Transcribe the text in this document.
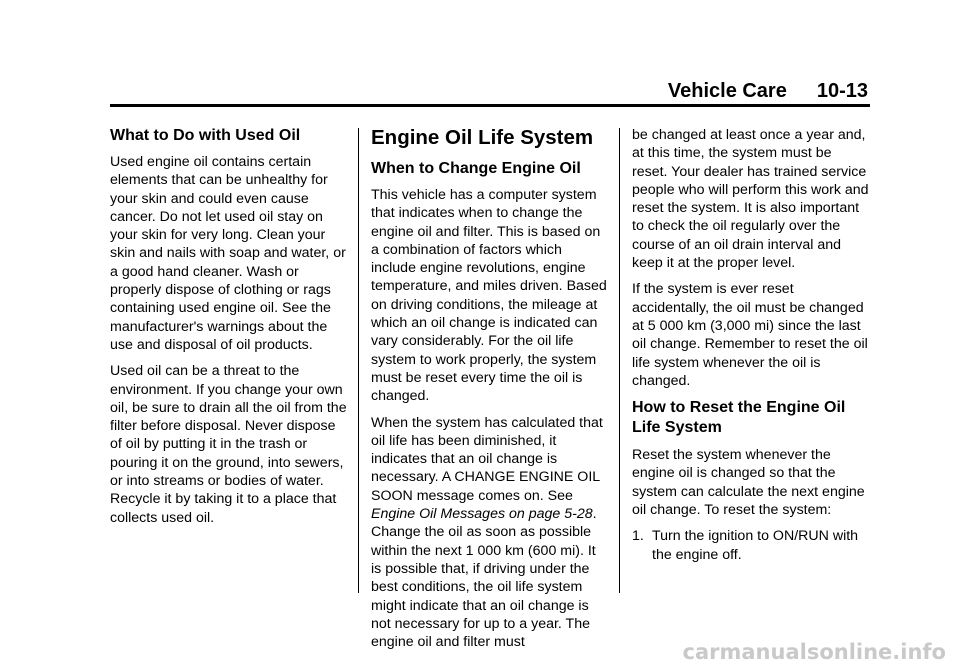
Vehicle Care 10-13
What to Do with Used Oil

Used engine oil contains certain elements that can be unhealthy for your skin and could even cause cancer. Do not let used oil stay on your skin for very long. Clean your skin and nails with soap and water, or a good hand cleaner. Wash or properly dispose of clothing or rags containing used engine oil. See the manufacturer's warnings about the use and disposal of oil products.

Used oil can be a threat to the environment. If you change your own oil, be sure to drain all the oil from the filter before disposal. Never dispose of oil by putting it in the trash or pouring it on the ground, into sewers, or into streams or bodies of water. Recycle it by taking it to a place that collects used oil.

Engine Oil Life System
When to Change Engine Oil

This vehicle has a computer system that indicates when to change the engine oil and filter. This is based on a combination of factors which include engine revolutions, engine temperature, and miles driven. Based on driving conditions, the mileage at which an oil change is indicated can vary considerably. For the oil life system to work properly, the system must be reset every time the oil is changed.

When the system has calculated that oil life has been diminished, it indicates that an oil change is necessary. A CHANGE ENGINE OIL SOON message comes on. See Engine Oil Messages on page 5-28. Change the oil as soon as possible within the next 1 000 km (600 mi). It is possible that, if driving under the best conditions, the oil life system might indicate that an oil change is not necessary for up to a year. The engine oil and filter must

be changed at least once a year and, at this time, the system must be reset. Your dealer has trained service people who will perform this work and reset the system. It is also important to check the oil regularly over the course of an oil drain interval and keep it at the proper level.

If the system is ever reset accidentally, the oil must be changed at 5 000 km (3,000 mi) since the last oil change. Remember to reset the oil life system whenever the oil is changed.

How to Reset the Engine Oil Life System

Reset the system whenever the engine oil is changed so that the system can calculate the next engine oil change. To reset the system:

1. Turn the ignition to ON/RUN with the engine off.
carmanualsonline.info
